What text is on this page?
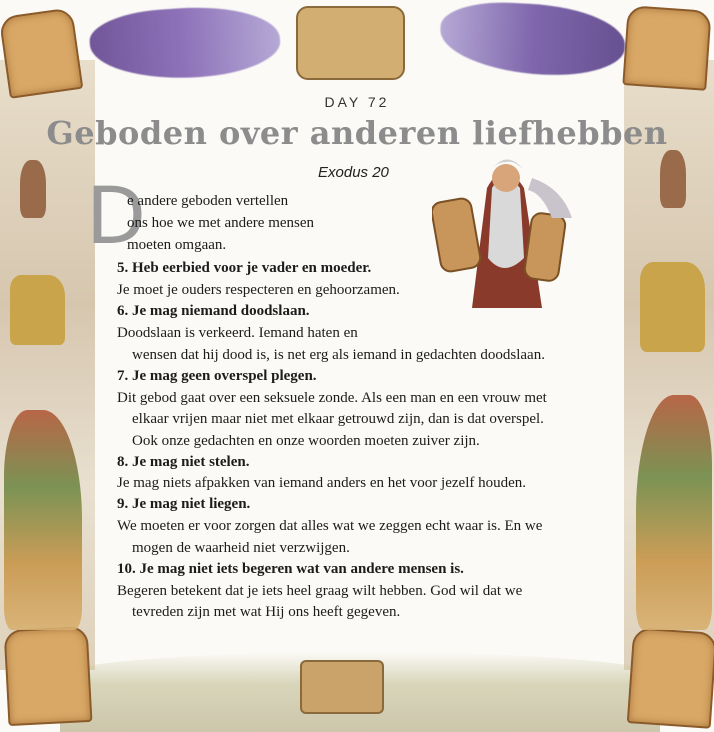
DAY 72
Geboden over anderen liefhebben
Exodus 20
D
e andere geboden vertellen
ons hoe we met andere mensen
moeten omgaan.
5. Heb eerbied voor je vader en moeder.
Je moet je ouders respecteren en gehoorzamen.
6. Je mag niemand doodslaan.
Doodslaan is verkeerd. Iemand haten en
wensen dat hij dood is, is net erg als iemand in gedachten doodslaan.
7. Je mag geen overspel plegen.
Dit gebod gaat over een seksuele zonde. Als een man en een vrouw met
elkaar vrijen maar niet met elkaar getrouwd zijn, dan is dat overspel.
Ook onze gedachten en onze woorden moeten zuiver zijn.
8. Je mag niet stelen.
Je mag niets afpakken van iemand anders en het voor jezelf houden.
9. Je mag niet liegen.
We moeten er voor zorgen dat alles wat we zeggen echt waar is. En we
mogen de waarheid niet verzwijgen.
10. Je mag niet iets begeren wat van andere mensen is.
Begeren betekent dat je iets heel graag wilt hebben. God wil dat we
tevreden zijn met wat Hij ons heeft gegeven.
